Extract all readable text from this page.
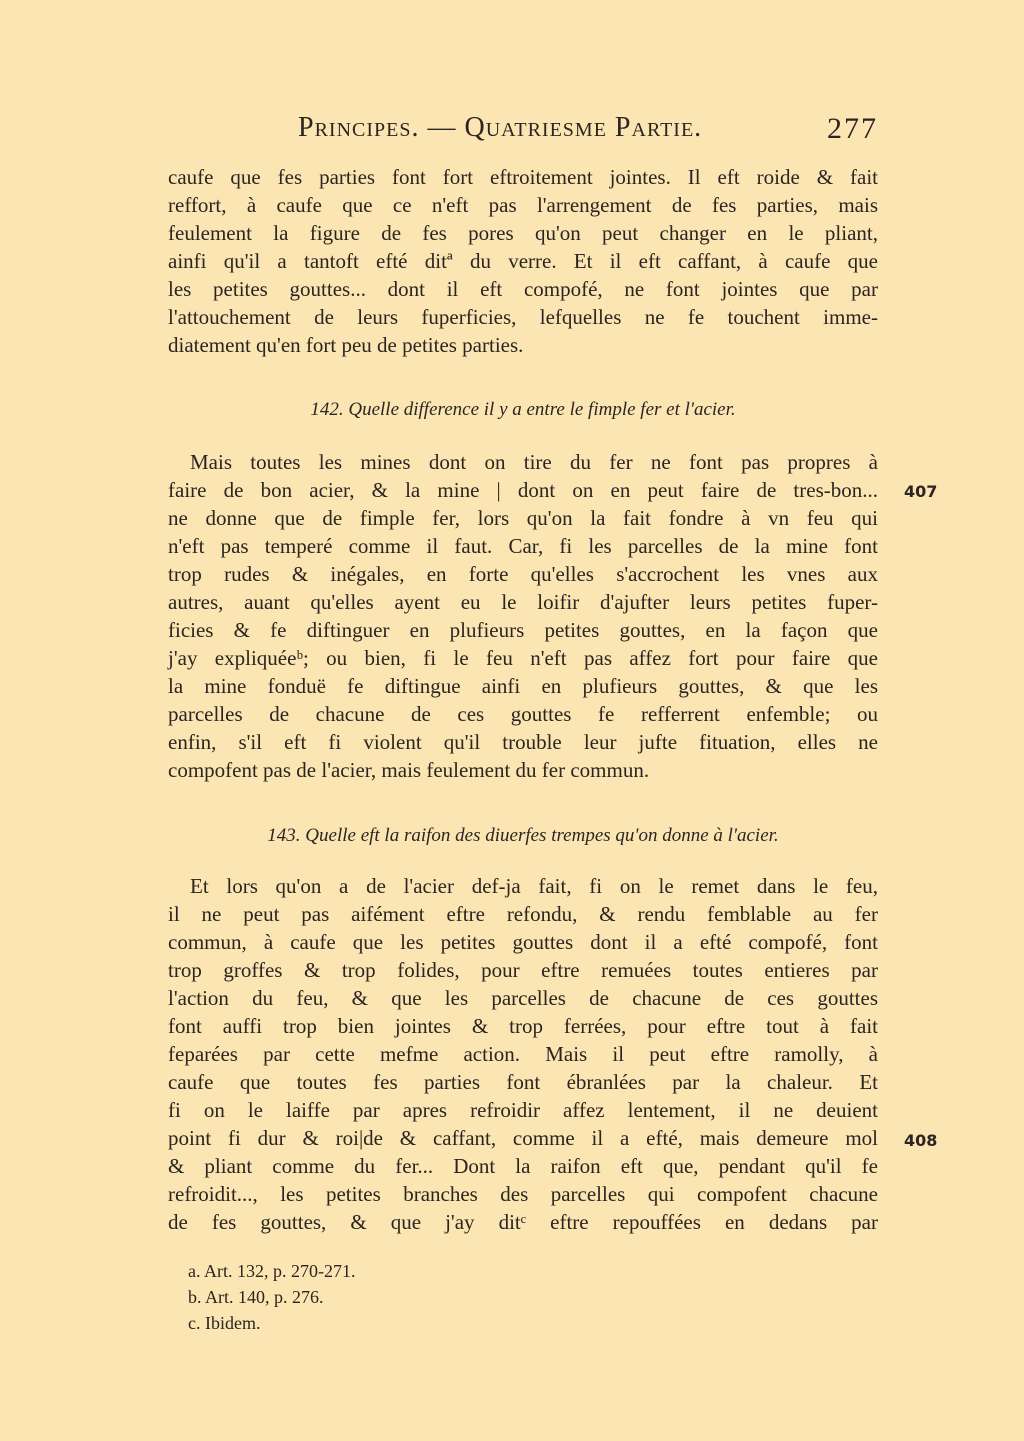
Principes. — Quatriesme Partie.	277
caufe que fes parties font fort eftroitement jointes. Il eft roide & fait
reffort, à caufe que ce n'eft pas l'arrengement de fes parties, mais
feulement la figure de fes pores qu'on peut changer en le pliant,
ainfi qu'il a tantoft efté ditª du verre. Et il eft caffant, à caufe que
les petites gouttes... dont il eft compofé, ne font jointes que par
l'attouchement de leurs fuperficies, lefquelles ne fe touchent imme-
diatement qu'en fort peu de petites parties.
142. Quelle difference il y a entre le fimple fer et l'acier.
Mais toutes les mines dont on tire du fer ne font pas propres à
faire de bon acier, & la mine | dont on en peut faire de tres-bon...
ne donne que de fimple fer, lors qu'on la fait fondre à vn feu qui
n'eft pas temperé comme il faut. Car, fi les parcelles de la mine font
trop rudes & inégales, en forte qu'elles s'accrochent les vnes aux
autres, auant qu'elles ayent eu le loifir d'ajufter leurs petites fuper-
ficies & fe diftinguer en plufieurs petites gouttes, en la façon que
j'ay expliquéeᵇ; ou bien, fi le feu n'eft pas affez fort pour faire que
la mine fonduë fe diftingue ainfi en plufieurs gouttes, & que les
parcelles de chacune de ces gouttes fe refferrent enfemble; ou
enfin, s'il eft fi violent qu'il trouble leur jufte fituation, elles ne
compofent pas de l'acier, mais feulement du fer commun.
143. Quelle eft la raifon des diuerfes trempes qu'on donne à l'acier.
Et lors qu'on a de l'acier def-ja fait, fi on le remet dans le feu,
il ne peut pas aifément eftre refondu, & rendu femblable au fer
commun, à caufe que les petites gouttes dont il a efté compofé, font
trop groffes & trop folides, pour eftre remuées toutes entieres par
l'action du feu, & que les parcelles de chacune de ces gouttes
font auffi trop bien jointes & trop ferrées, pour eftre tout à fait
feparées par cette mefme action. Mais il peut eftre ramolly, à
caufe que toutes fes parties font ébranlées par la chaleur. Et
fi on le laiffe par apres refroidir affez lentement, il ne deuient
point fi dur & roi|de & caffant, comme il a efté, mais demeure mol
& pliant comme du fer... Dont la raifon eft que, pendant qu'il fe
refroidit..., les petites branches des parcelles qui compofent chacune
de fes gouttes, & que j'ay ditᶜ eftre repouffées en dedans par
407
408
a. Art. 132, p. 270-271.
b. Art. 140, p. 276.
c. Ibidem.
